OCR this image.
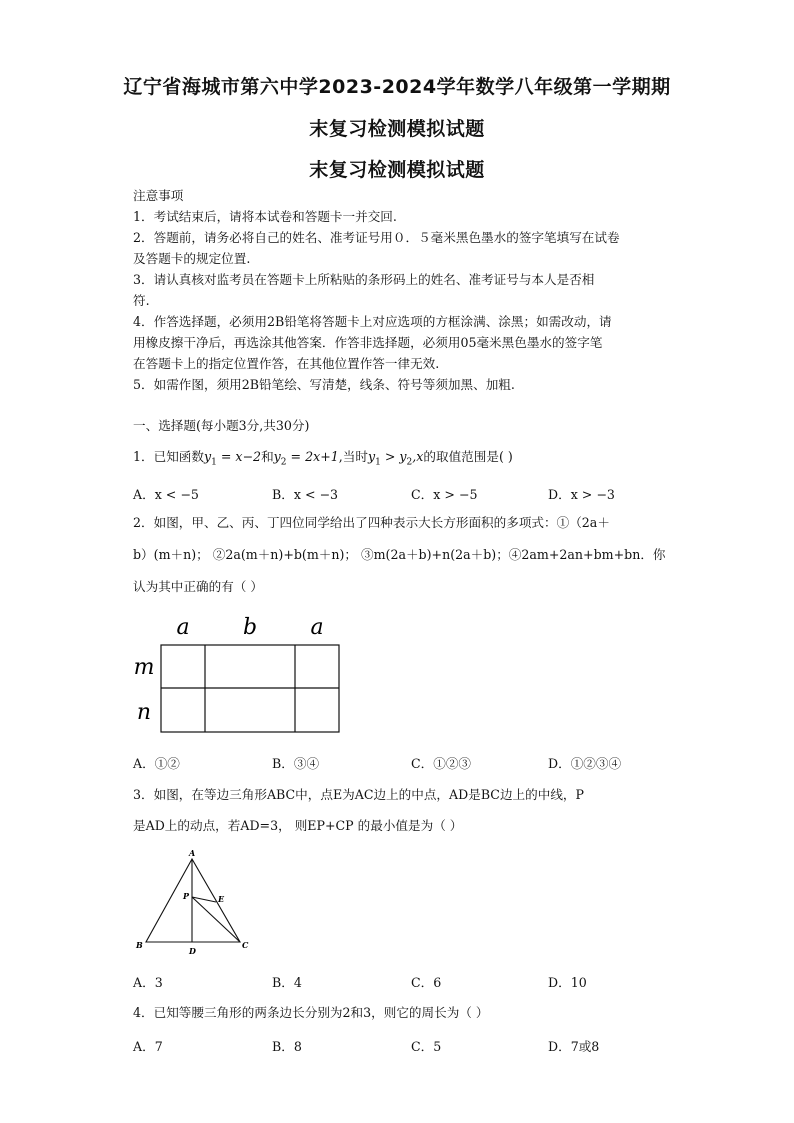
辽宁省海城市第六中学2023-2024学年数学八年级第一学期期
末复习检测模拟试题
末复习检测模拟试题
注意事项
1．考试结束后，请将本试卷和答题卡一并交回.
2．答题前，请务必将自己的姓名、准考证号用０．５毫米黑色墨水的签字笔填写在试卷
及答题卡的规定位置.
3．请认真核对监考员在答题卡上所粘贴的条形码上的姓名、准考证号与本人是否相
符.
4．作答选择题，必须用2B铅笔将答题卡上对应选项的方框涂满、涂黑；如需改动，请
用橡皮擦干净后，再选涂其他答案．作答非选择题，必须用05毫米黑色墨水的签字笔
在答题卡上的指定位置作答，在其他位置作答一律无效.
5．如需作图，须用2B铅笔绘、写清楚，线条、符号等须加黑、加粗.
一、选择题(每小题3分,共30分)
1．已知函数$y_1 = x-2$和$y_2 = 2x+1$,当时$y_1 > y_2,x$的取值范围是( )
A．x < −5	B．x < −3	C．x > −5	D．x > −3
2．如图，甲、乙、丙、丁四位同学给出了四种表示大长方形面积的多项式：①（2a＋
b）(m＋n)； ②2a(m＋n)+b(m＋n)； ③m(2a＋b)+n(2a＋b)；④2am+2an+bm+bn．你
认为其中正确的有（ ）
a b a
m
n
A．①②	B．③④	C．①②③	D．①②③④
3．如图，在等边三角形ABC中，点E为AC边上的中点，AD是BC边上的中线，P
是AD上的动点，若AD=3， 则EP+CP 的最小值是为（ ）
A
B	C
D
E
P
A．3	B．4	C．6	D．10
4．已知等腰三角形的两条边长分别为2和3，则它的周长为（ ）
A．7	B．8	C．5	D．7或8
